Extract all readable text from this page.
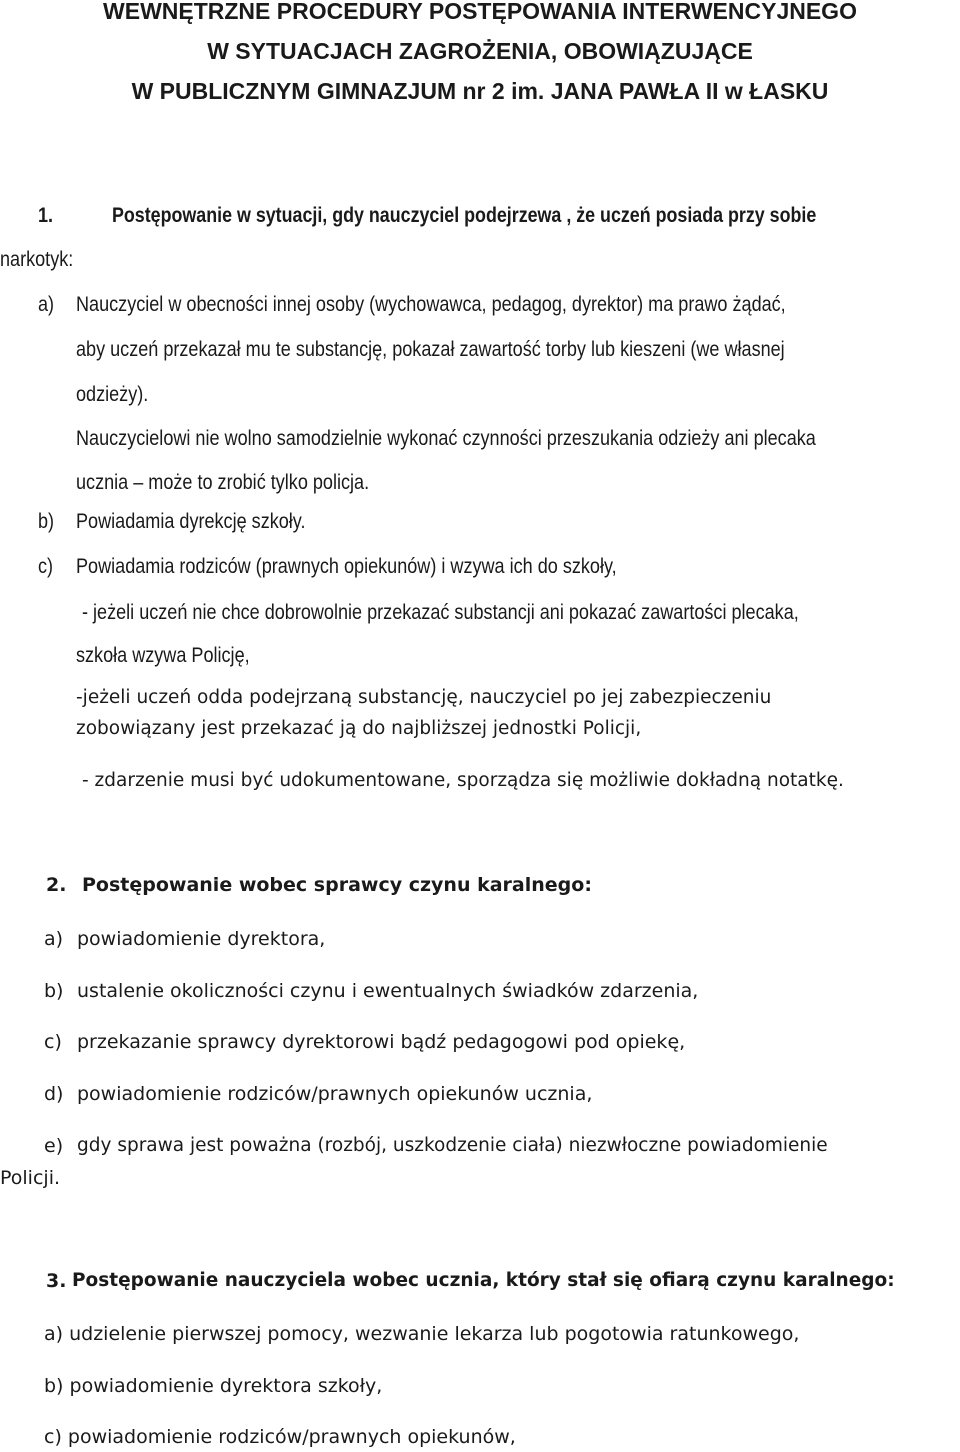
WEWNĘTRZNE PROCEDURY POSTĘPOWANIA INTERWENCYJNEGO
W SYTUACJACH ZAGROŻENIA, OBOWIĄZUJĄCE
W PUBLICZNYM GIMNAZJUM nr 2 im. JANA PAWŁA II w ŁASKU
1.	Postępowanie w sytuacji, gdy nauczyciel podejrzewa , że uczeń posiada przy sobie
narkotyk:
a) Nauczyciel w obecności innej osoby (wychowawca, pedagog, dyrektor) ma prawo żądać,
aby uczeń przekazał mu te substancję, pokazał zawartość torby lub kieszeni (we własnej
odzieży).
Nauczycielowi nie wolno samodzielnie wykonać czynności przeszukania odzieży ani plecaka
ucznia – może to zrobić tylko policja.
b) Powiadamia dyrekcję szkoły.
c) Powiadamia rodziców (prawnych opiekunów) i wzywa ich do szkoły,
- jeżeli uczeń nie chce dobrowolnie przekazać substancji ani pokazać zawartości plecaka,
szkoła wzywa Policję,
-jeżeli uczeń odda podejrzaną substancję, nauczyciel po jej zabezpieczeniu
zobowiązany jest przekazać ją do najbliższej jednostki Policji,
- zdarzenie musi być udokumentowane, sporządza się możliwie dokładną notatkę.
2. Postępowanie wobec sprawcy czynu karalnego:
a) powiadomienie dyrektora,
b) ustalenie okoliczności czynu i ewentualnych świadków zdarzenia,
c) przekazanie sprawcy dyrektorowi bądź pedagogowi pod opiekę,
d) powiadomienie rodziców/prawnych opiekunów ucznia,
e) gdy sprawa jest poważna (rozbój, uszkodzenie ciała) niezwłoczne powiadomienie
Policji.
3. Postępowanie nauczyciela wobec ucznia, który stał się ofiarą czynu karalnego:
a) udzielenie pierwszej pomocy, wezwanie lekarza lub pogotowia ratunkowego,
b) powiadomienie dyrektora szkoły,
c) powiadomienie rodziców/prawnych opiekunów,
